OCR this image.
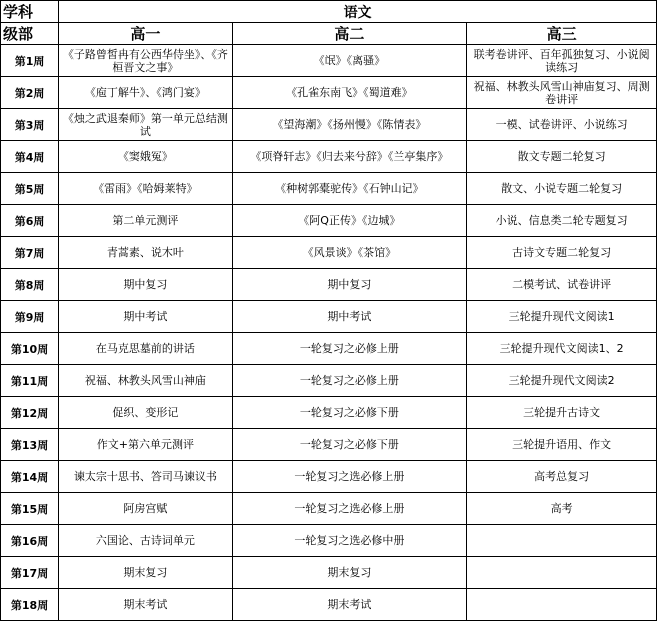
学科	语文		
级部	高一	高二	高三
第1周	《子路曾皙冉有公西华侍坐》、《齐桓晋文之事》	《氓》《离骚》	联考卷讲评、百年孤独复习、小说阅读练习
第2周	《庖丁解牛》、《鸿门宴》	《孔雀东南飞》《蜀道难》	祝福、林教头风雪山神庙复习、周测卷讲评
第3周	《烛之武退秦师》第一单元总结测试	《望海潮》《扬州慢》《陈情表》	一模、试卷讲评、小说练习
第4周	《窦娥冤》	《项脊轩志》《归去来兮辞》《兰亭集序》	散文专题二轮复习
第5周	《雷雨》《哈姆莱特》	《种树郭橐驼传》《石钟山记》	散文、小说专题二轮复习
第6周	第二单元测评	《阿Q正传》《边城》	小说、信息类二轮专题复习
第7周	青蒿素、说木叶	《风景谈》《茶馆》	古诗文专题二轮复习
第8周	期中复习	期中复习	二模考试、试卷讲评
第9周	期中考试	期中考试	三轮提升现代文阅读1
第10周	在马克思墓前的讲话	一轮复习之必修上册	三轮提升现代文阅读1、2
第11周	祝福、林教头风雪山神庙	一轮复习之必修上册	三轮提升现代文阅读2
第12周	促织、变形记	一轮复习之必修下册	三轮提升古诗文
第13周	作文+第六单元测评	一轮复习之必修下册	三轮提升语用、作文
第14周	谏太宗十思书、答司马谏议书	一轮复习之选必修上册	高考总复习
第15周	阿房宫赋	一轮复习之选必修上册	高考
第16周	六国论、古诗词单元	一轮复习之选必修中册	
第17周	期末复习	期末复习	
第18周	期末考试	期末考试	
